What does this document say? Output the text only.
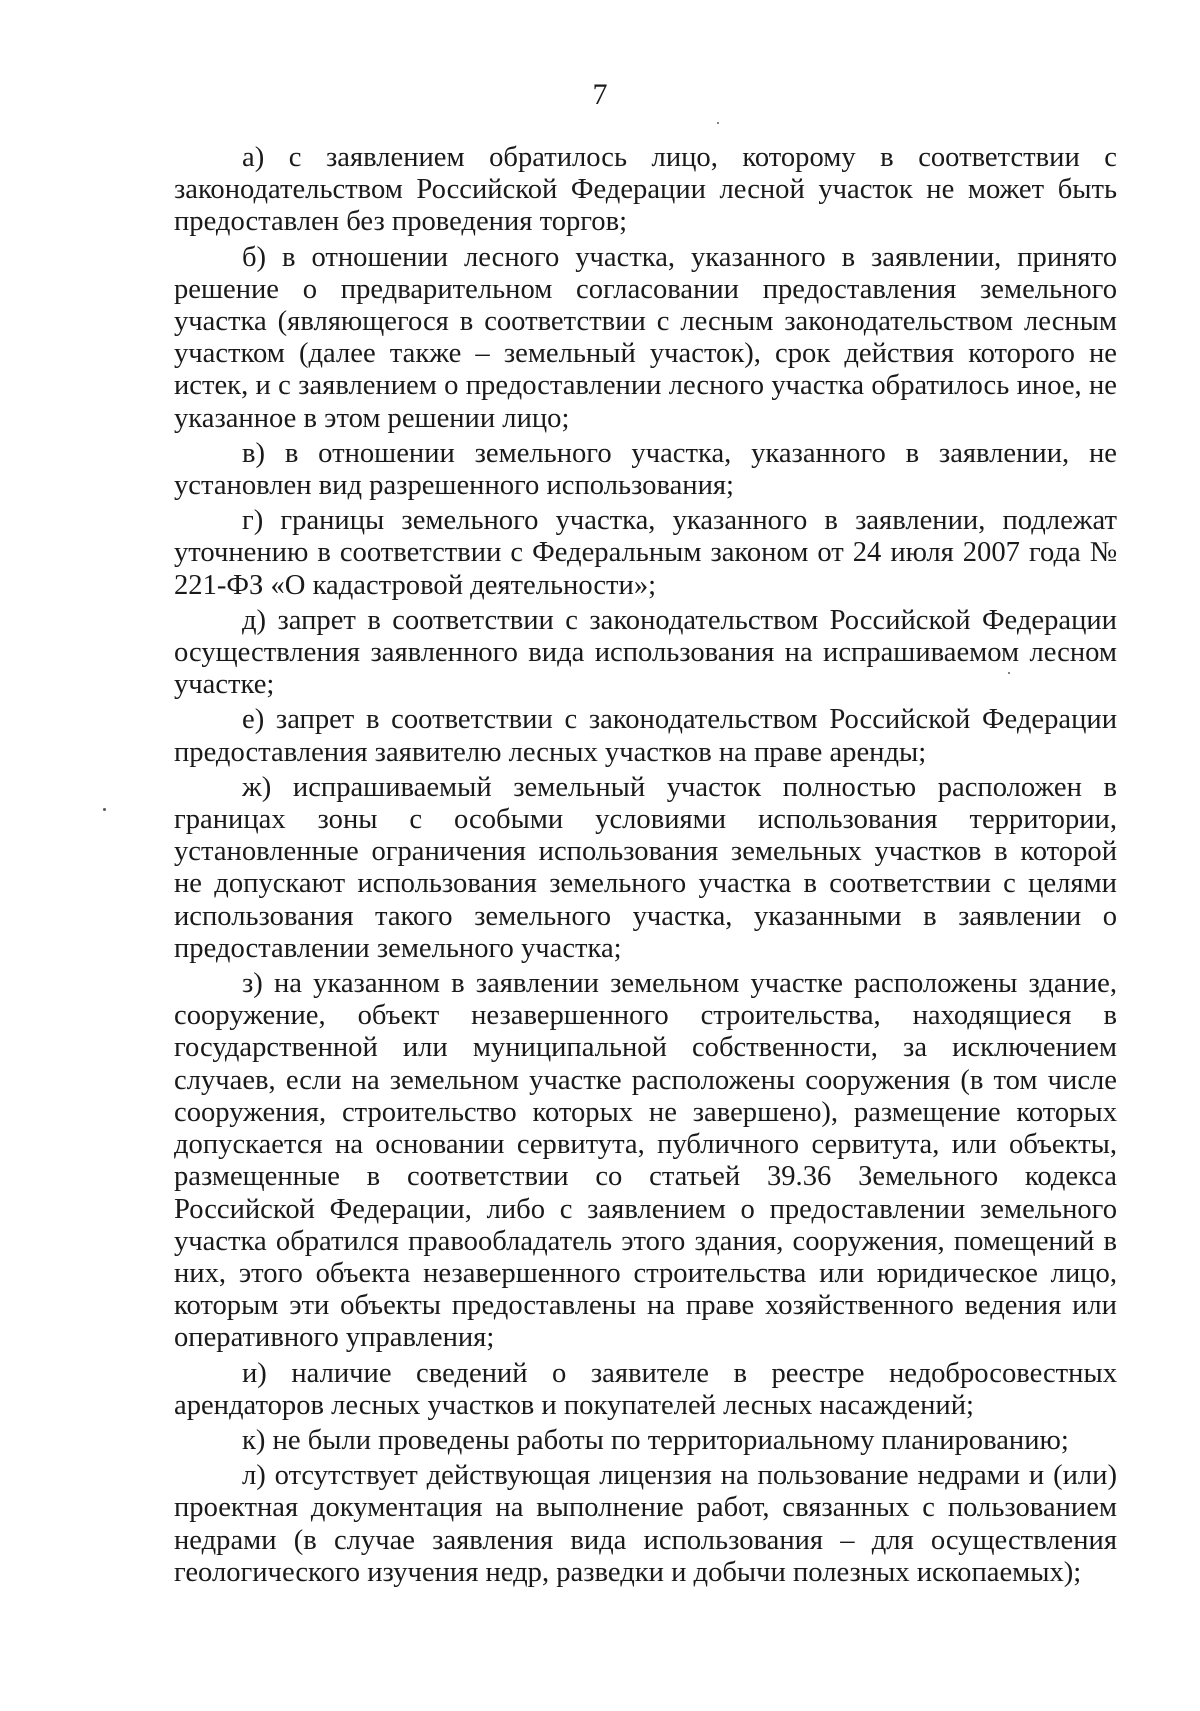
7

а) с заявлением обратилось лицо, которому в соответствии с законодательством Российской Федерации лесной участок не может быть предоставлен без проведения торгов;

б) в отношении лесного участка, указанного в заявлении, принято решение о предварительном согласовании предоставления земельного участка (являющегося в соответствии с лесным законодательством лесным участком (далее также – земельный участок), срок действия которого не истек, и с заявлением о предоставлении лесного участка обратилось иное, не указанное в этом решении лицо;

в) в отношении земельного участка, указанного в заявлении, не установлен вид разрешенного использования;

г) границы земельного участка, указанного в заявлении, подлежат уточнению в соответствии с Федеральным законом от 24 июля 2007 года № 221-ФЗ «О кадастровой деятельности»;

д) запрет в соответствии с законодательством Российской Федерации осуществления заявленного вида использования на испрашиваемом лесном участке;

е) запрет в соответствии с законодательством Российской Федерации предоставления заявителю лесных участков на праве аренды;

ж) испрашиваемый земельный участок полностью расположен в границах зоны с особыми условиями использования территории, установленные ограничения использования земельных участков в которой не допускают использования земельного участка в соответствии с целями использования такого земельного участка, указанными в заявлении о предоставлении земельного участка;

з) на указанном в заявлении земельном участке расположены здание, сооружение, объект незавершенного строительства, находящиеся в государственной или муниципальной собственности, за исключением случаев, если на земельном участке расположены сооружения (в том числе сооружения, строительство которых не завершено), размещение которых допускается на основании сервитута, публичного сервитута, или объекты, размещенные в соответствии со статьей 39.36 Земельного кодекса Российской Федерации, либо с заявлением о предоставлении земельного участка обратился правообладатель этого здания, сооружения, помещений в них, этого объекта незавершенного строительства или юридическое лицо, которым эти объекты предоставлены на праве хозяйственного ведения или оперативного управления;

и) наличие сведений о заявителе в реестре недобросовестных арендаторов лесных участков и покупателей лесных насаждений;

к) не были проведены работы по территориальному планированию;

л) отсутствует действующая лицензия на пользование недрами и (или) проектная документация на выполнение работ, связанных с пользованием недрами (в случае заявления вида использования – для осуществления геологического изучения недр, разведки и добычи полезных ископаемых);
